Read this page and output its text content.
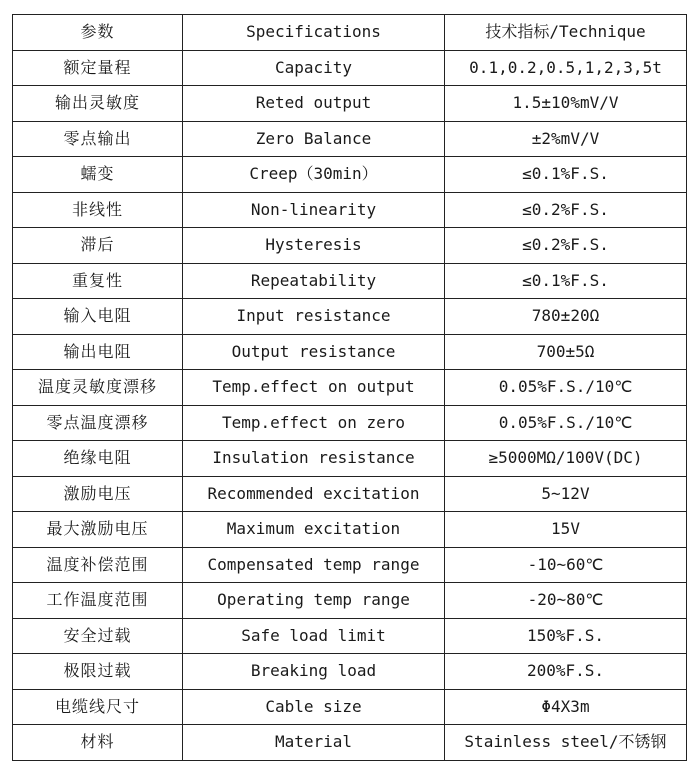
参数	Specifications	技术指标/Technique
额定量程	Capacity	0.1,0.2,0.5,1,2,3,5t
输出灵敏度	Reted output	1.5±10%mV/V
零点输出	Zero Balance	±2%mV/V
蠕变	Creep（30min）	≤0.1%F.S.
非线性	Non-linearity	≤0.2%F.S.
滞后	Hysteresis	≤0.2%F.S.
重复性	Repeatability	≤0.1%F.S.
输入电阻	Input resistance	780±20Ω
输出电阻	Output resistance	700±5Ω
温度灵敏度漂移	Temp.effect on output	0.05%F.S./10℃
零点温度漂移	Temp.effect on zero	0.05%F.S./10℃
绝缘电阻	Insulation resistance	≥5000MΩ/100V(DC)
激励电压	Recommended excitation	5~12V
最大激励电压	Maximum excitation	15V
温度补偿范围	Compensated temp range	-10~60℃
工作温度范围	Operating temp range	-20~80℃
安全过载	Safe load limit	150%F.S.
极限过载	Breaking load	200%F.S.
电缆线尺寸	Cable size	Φ4X3m
材料	Material	Stainless steel/不锈钢
